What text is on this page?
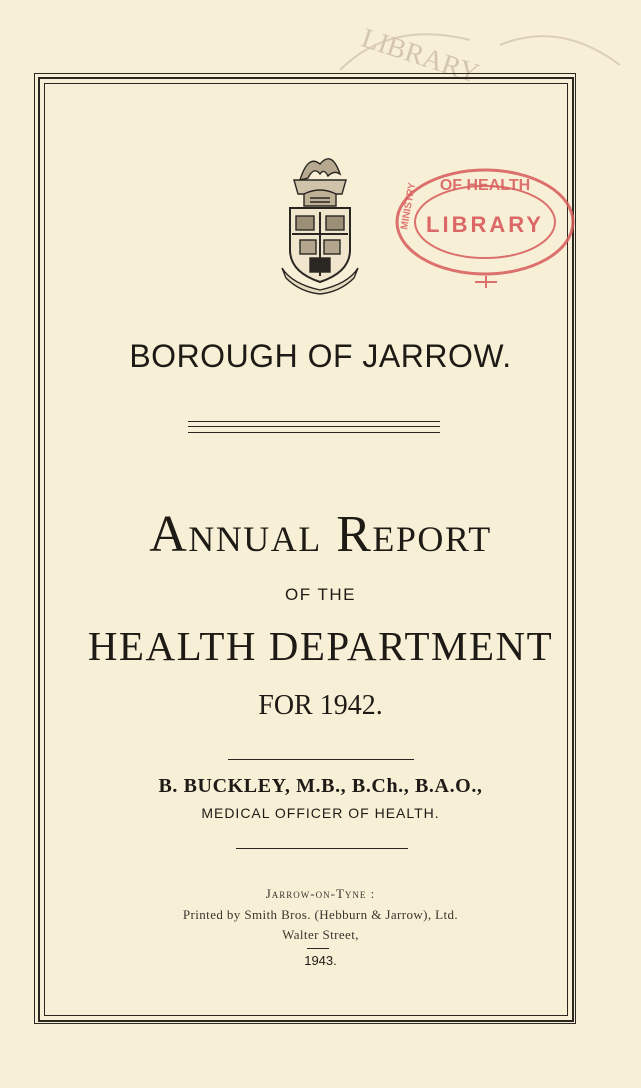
LIBRARY
OF HEALTH
LIBRARY
MINISTRY
BOROUGH OF JARROW.
Annual Report
OF THE
HEALTH DEPARTMENT
FOR 1942.
B. BUCKLEY, M.B., B.Ch., B.A.O.,
MEDICAL OFFICER OF HEALTH.
Jarrow-on-Tyne :
Printed by Smith Bros. (Hebburn & Jarrow), Ltd.
Walter Street,
1943.
